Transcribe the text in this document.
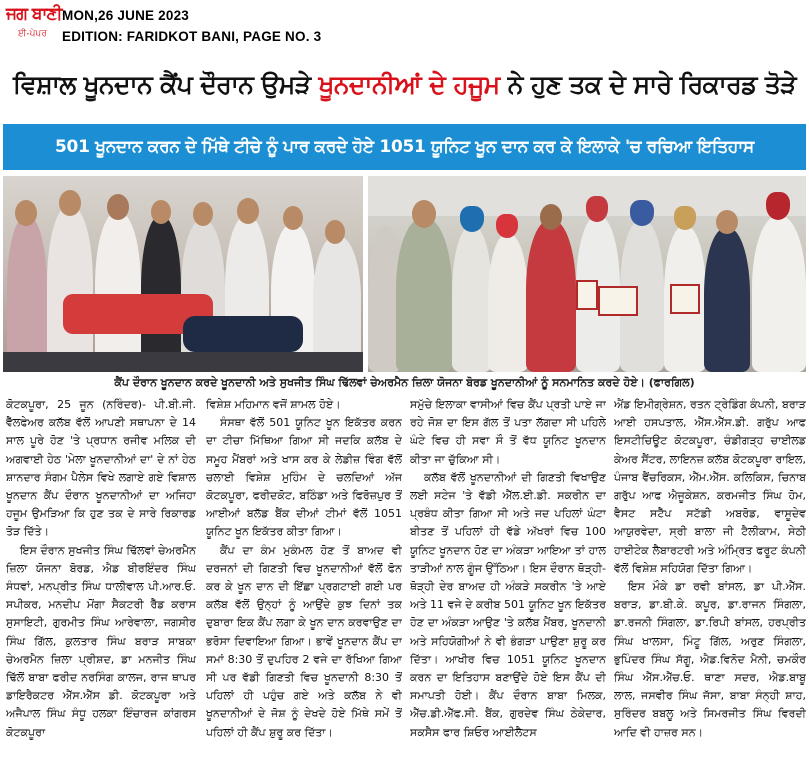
ਜਗ ਬਾਣੀ
ਈ-ਪੇਪਰ
MON,26 JUNE 2023
EDITION: FARIDKOT BANI, PAGE NO. 3
ਵਿਸ਼ਾਲ ਖੂਨਦਾਨ ਕੈਂਪ ਦੌਰਾਨ ਉਮੜੇ ਖੂਨਦਾਨੀਆਂ ਦੇ ਹਜੂਮ ਨੇ ਹੁਣ ਤਕ ਦੇ ਸਾਰੇ ਰਿਕਾਰਡ ਤੋੜੇ
501 ਖੂਨਦਾਨ ਕਰਨ ਦੇ ਮਿੱਥੇ ਟੀਚੇ ਨੂੰ ਪਾਰ ਕਰਦੇ ਹੋਏ 1051 ਯੂਨਿਟ ਖੂਨ ਦਾਨ ਕਰ ਕੇ ਇਲਾਕੇ 'ਚ ਰਚਿਆ ਇਤਿਹਾਸ
ਕੈਂਪ ਦੌਰਾਨ ਖੂਨਦਾਨ ਕਰਦੇ ਖੂਨਦਾਨੀ ਅਤੇ ਸੁਖਜੀਤ ਸਿੰਘ ਢਿੱਲਵਾਂ ਚੇਅਰਮੈਨ ਜ਼ਿਲਾ ਯੋਜਨਾ ਬੋਰਡ ਖੂਨਦਾਨੀਆਂ ਨੂੰ ਸਨਮਾਨਿਤ ਕਰਦੇ ਹੋਏ। (ਫਾਰਗਿਲ)

ਕੋਟਕਪੂਰਾ, 25 ਜੂਨ (ਨਰਿੰਦਰ)- ਪੀ.ਬੀ.ਜੀ. ਵੈੱਲਫੇਅਰ ਕਲੱਬ ਵੱਲੋਂ ਆਪਣੀ ਸਥਾਪਨਾ ਦੇ 14 ਸਾਲ ਪੂਰੇ ਹੋਣ 'ਤੇ ਪ੍ਰਧਾਨ ਰਜੀਵ ਮਲਿਕ ਦੀ ਅਗਵਾਈ ਹੇਠ 'ਮੇਲਾ ਖੂਨਦਾਨੀਆਂ ਦਾ' ਦੇ ਨਾਂ ਹੇਠ ਸ਼ਾਨਦਾਰ ਸੰਗਮ ਪੈਲੇਸ ਵਿਖੇ ਲਗਾਏ ਗਏ ਵਿਸ਼ਾਲ ਖੂਨਦਾਨ ਕੈਂਪ ਦੌਰਾਨ ਖੂਨਦਾਨੀਆਂ ਦਾ ਅਜਿਹਾ ਹਜੂਮ ਉਮੜਿਆ ਕਿ ਹੁਣ ਤਕ ਦੇ ਸਾਰੇ ਰਿਕਾਰਡ ਤੋੜ ਦਿੱਤੇ।

ਇਸ ਦੌਰਾਨ ਸੁਖਜੀਤ ਸਿੰਘ ਢਿੱਲਵਾਂ ਚੇਅਰਮੈਨ ਜ਼ਿਲਾ ਯੋਜਨਾ ਬੋਰਡ, ਐਡ ਬੀਰਇੰਦਰ ਸਿੰਘ ਸੰਧਵਾਂ, ਮਨਪ੍ਰੀਤ ਸਿੰਘ ਧਾਲੀਵਾਲ ਪੀ.ਆਰ.ਓ. ਸਪੀਕਰ, ਮਨਦੀਪ ਮੋਂਗਾ ਸੈਕਟਰੀ ਰੈੱਡ ਕਰਾਸ ਸੁਸਾਇਟੀ, ਗੁਰਮੀਤ ਸਿੰਘ ਆਰੇਵਾਲਾ, ਜਗਸੀਰ ਸਿੰਘ ਗਿੱਲ, ਕੁਲਤਾਰ ਸਿੰਘ ਬਰਾੜ ਸਾਬਕਾ ਚੇਅਰਮੈਨ ਜ਼ਿਲਾ ਪ੍ਰੀਸ਼ਦ, ਡਾ ਮਨਜੀਤ ਸਿੰਘ ਢਿੱਲੋਂ ਬਾਬਾ ਫਰੀਦ ਨਰਸਿੰਗ ਕਾਲਜ, ਰਾਜ ਥਾਪਰ ਡਾਇਰੈਕਟਰ ਐੱਸ.ਐੱਸ ਡੀ. ਕੋਟਕਪੂਰਾ ਅਤੇ ਅਜੈਪਾਲ ਸਿੰਘ ਸੰਧੂ ਹਲਕਾ ਇੰਚਾਰਜ ਕਾਂਗਰਸ ਕੋਟਕਪੂਰਾ

ਵਿਸ਼ੇਸ਼ ਮਹਿਮਾਨ ਵਜੋਂ ਸ਼ਾਮਲ ਹੋਏ।

ਸੰਸਥਾ ਵੱਲੋਂ 501 ਯੂਨਿਟ ਖੂਨ ਇਕੱਤਰ ਕਰਨ ਦਾ ਟੀਚਾ ਮਿੱਥਿਆ ਗਿਆ ਸੀ ਜਦਕਿ ਕਲੱਬ ਦੇ ਸਮੂਹ ਮੈਂਬਰਾਂ ਅਤੇ ਖਾਸ ਕਰ ਕੇ ਲੇਡੀਜ਼ ਵਿੰਗ ਵੱਲੋਂ ਚਲਾਈ ਵਿਸ਼ੇਸ਼ ਮੁਹਿੰਮ ਦੇ ਚਲਦਿਆਂ ਅੱਜ ਕੋਟਕਪੂਰਾ, ਫਰੀਦਕੋਟ, ਬਠਿੰਡਾ ਅਤੇ ਫਿਰੋਜ਼ਪੁਰ ਤੋਂ ਆਈਆਂ ਬਲੱਡ ਬੈਂਕ ਦੀਆਂ ਟੀਮਾਂ ਵੱਲੋਂ 1051 ਯੂਨਿਟ ਖੂਨ ਇਕੱਤਰ ਕੀਤਾ ਗਿਆ।

ਕੈਂਪ ਦਾ ਕੰਮ ਮੁਕੰਮਲ ਹੋਣ ਤੋਂ ਬਾਅਦ ਵੀ ਦਰਜਨਾਂ ਦੀ ਗਿਣਤੀ ਵਿਚ ਖੂਨਦਾਨੀਆਂ ਵੱਲੋਂ ਫੋਨ ਕਰ ਕੇ ਖੂਨ ਦਾਨ ਦੀ ਇੱਛਾ ਪ੍ਰਗਟਾਈ ਗਈ ਪਰ ਕਲੱਬ ਵੱਲੋਂ ਉਨ੍ਹਾਂ ਨੂੰ ਆਉਂਦੇ ਕੁਝ ਦਿਨਾਂ ਤਕ ਦੁਬਾਰਾ ਇਕ ਕੈਂਪ ਲਗਾ ਕੇ ਖੂਨ ਦਾਨ ਕਰਵਾਉਣ ਦਾ ਭਰੋਸਾ ਦਿਵਾਇਆ ਗਿਆ। ਭਾਵੇਂ ਖੂਨਦਾਨ ਕੈਂਪ ਦਾ ਸਮਾਂ 8:30 ਤੋਂ ਦੁਪਹਿਰ 2 ਵਜੇ ਦਾ ਰੱਖਿਆ ਗਿਆ ਸੀ ਪਰ ਵੱਡੀ ਗਿਣਤੀ ਵਿਚ ਖੂਨਦਾਨੀ 8:30 ਤੋਂ ਪਹਿਲਾਂ ਹੀ ਪਹੁੰਚ ਗਏ ਅਤੇ ਕਲੱਬ ਨੇ ਵੀ ਖੂਨਦਾਨੀਆਂ ਦੇ ਜੋਸ਼ ਨੂੰ ਦੇਖਦੇ ਹੋਏ ਮਿੱਥੇ ਸਮੇਂ ਤੋਂ ਪਹਿਲਾਂ ਹੀ ਕੈਂਪ ਸ਼ੁਰੂ ਕਰ ਦਿੱਤਾ।

ਸਮੁੱਚੇ ਇਲਾਕਾ ਵਾਸੀਆਂ ਵਿਚ ਕੈਂਪ ਪ੍ਰਤੀ ਪਾਏ ਜਾ ਰਹੇ ਜੋਸ਼ ਦਾ ਇਸ ਗੱਲ ਤੋਂ ਪਤਾ ਲੱਗਦਾ ਸੀ ਪਹਿਲੇ ਘੰਟੇ ਵਿਚ ਹੀ ਸਵਾ ਸੌ ਤੋਂ ਵੱਧ ਯੂਨਿਟ ਖੂਨਦਾਨ ਕੀਤਾ ਜਾ ਚੁੱਕਿਆ ਸੀ।

ਕਲੱਬ ਵੱਲੋਂ ਖੂਨਦਾਨੀਆਂ ਦੀ ਗਿਣਤੀ ਵਿਖਾਉਣ ਲਈ ਸਟੇਜ 'ਤੇ ਵੱਡੀ ਐੱਲ.ਈ.ਡੀ. ਸਕਰੀਨ ਦਾ ਪ੍ਰਬੰਧ ਕੀਤਾ ਗਿਆ ਸੀ ਅਤੇ ਜਦ ਪਹਿਲਾਂ ਘੰਟਾ ਬੀਤਣ ਤੋਂ ਪਹਿਲਾਂ ਹੀ ਵੱਡੇ ਅੱਖਰਾਂ ਵਿਚ 100 ਯੂਨਿਟ ਖੂਨਦਾਨ ਹੋਣ ਦਾ ਅੰਕੜਾ ਆਇਆ ਤਾਂ ਹਾਲ ਤਾੜੀਆਂ ਨਾਲ ਗੂੰਜ ਉੱਠਿਆ। ਇਸ ਦੌਰਾਨ ਥੋੜ੍ਹੀ-ਥੋੜ੍ਹੀ ਦੇਰ ਬਾਅਦ ਹੀ ਅੰਕੜੇ ਸਕਰੀਨ 'ਤੇ ਆਏ ਅਤੇ 11 ਵਜੇ ਦੇ ਕਰੀਬ 501 ਯੂਨਿਟ ਖੂਨ ਇਕੱਤਰ ਹੋਣ ਦਾ ਅੰਕੜਾ ਆਉਣ 'ਤੇ ਕਲੱਬ ਮੈਂਬਰ, ਖੂਨਦਾਨੀ ਅਤੇ ਸਹਿਯੋਗੀਆਂ ਨੇ ਵੀ ਭੰਗੜਾ ਪਾਉਣਾ ਸ਼ੁਰੂ ਕਰ ਦਿੱਤਾ। ਆਖੀਰ ਵਿਚ 1051 ਯੂਨਿਟ ਖੂਨਦਾਨ ਕਰਨ ਦਾ ਇਤਿਹਾਸ ਬਣਾਉਂਦੇ ਹੋਏ ਇਸ ਕੈਂਪ ਦੀ ਸਮਾਪਤੀ ਹੋਈ। ਕੈਂਪ ਦੌਰਾਨ ਬਾਬਾ ਮਿਲਕ, ਐੱਚ.ਡੀ.ਐੱਫ.ਸੀ. ਬੈਂਕ, ਗੁਰਦੇਵ ਸਿੰਘ ਠੇਕੇਦਾਰ, ਸਕਸੈਸ ਫਾਰ ਸ਼ਿਓਰ ਆਈਲੈਟਸ

ਐਂਡ ਇਮੀਗ੍ਰੇਸ਼ਨ, ਰਤਨ ਟ੍ਰੇਡਿੰਗ ਕੰਪਨੀ, ਬਰਾੜ ਆਈ ਹਸਪਤਾਲ, ਐੱਸ.ਐੱਸ.ਡੀ. ਗਰੁੱਪ ਆਫ ਇਸਟੀਚਿਊਟ ਕੋਟਕਪੂਰਾ, ਚੰਡੀਗੜ੍ਹ ਚਾਈਲਡ ਕੇਅਰ ਸੈਂਟਰ, ਲਾਇਨਜ਼ ਕਲੱਬ ਕੋਟਕਪੂਰਾ ਰਾਇਲ, ਪੰਜਾਬ ਵੈਂਚਰਿਕਸ, ਐੱਮ.ਐੱਸ. ਕਲਿਕਿਸ, ਚਿਨਾਬ ਗਰੁੱਪ ਆਫ ਐਜੂਕੇਸ਼ਨ, ਕਰਮਜੀਤ ਸਿੰਘ ਹੋਮ, ਵੈਸਟ ਸਟੈੱਪ ਸਟੱਡੀ ਅਬਰੋਡ, ਵਾਸੂਦੇਵ ਆਯੁਰਵੇਦਾ, ਸ੍ਰੀ ਬਾਲਾ ਜੀ ਟੈਲੀਕਾਮ, ਸੇਠੀ ਹਾਈਟੇਕ ਲੈਬਾਰਟਰੀ ਅਤੇ ਅੰਮ੍ਰਿਤ ਫਰੂਟ ਕੰਪਨੀ ਵੱਲੋਂ ਵਿਸ਼ੇਸ਼ ਸਹਿਯੋਗ ਦਿੱਤਾ ਗਿਆ।

ਇਸ ਮੌਕੇ ਡਾ ਰਵੀ ਬਾਂਸਲ, ਡਾ ਪੀ.ਐੱਸ. ਬਰਾੜ, ਡਾ.ਬੀ.ਕੇ. ਕਪੂਰ, ਡਾ.ਰਾਜਨ ਸਿੰਗਲਾ, ਡਾ.ਰਜਨੀ ਸਿੰਗਲਾ, ਡਾ.ਰਿਪੀ ਬਾਂਸਲ, ਹਰਪ੍ਰੀਤ ਸਿੰਘ ਖਾਲਸਾ, ਮਿੰਟੂ ਗਿੱਲ, ਅਰੁਣ ਸਿੰਗਲਾ, ਭੁਪਿੰਦਰ ਸਿੰਘ ਸੱਗੂ, ਐਡ.ਵਿਨੋਦ ਮੈਨੀ, ਚਮਕੌਰ ਸਿੰਘ ਐੱਸ.ਐੱਚ.ਓ. ਥਾਣਾ ਸਦਰ, ਐਡ.ਬਾਬੂ ਲਾਲ, ਜਸਵੀਰ ਸਿੰਘ ਜੱਸਾ, ਬਾਬਾ ਸੰਨ੍ਹੀ ਸ਼ਾਹ, ਸੁਰਿੰਦਰ ਬਬਲੂ ਅਤੇ ਸਿਮਰਜੀਤ ਸਿੰਘ ਵਿਰਦੀ ਆਦਿ ਵੀ ਹਾਜ਼ਰ ਸਨ।
